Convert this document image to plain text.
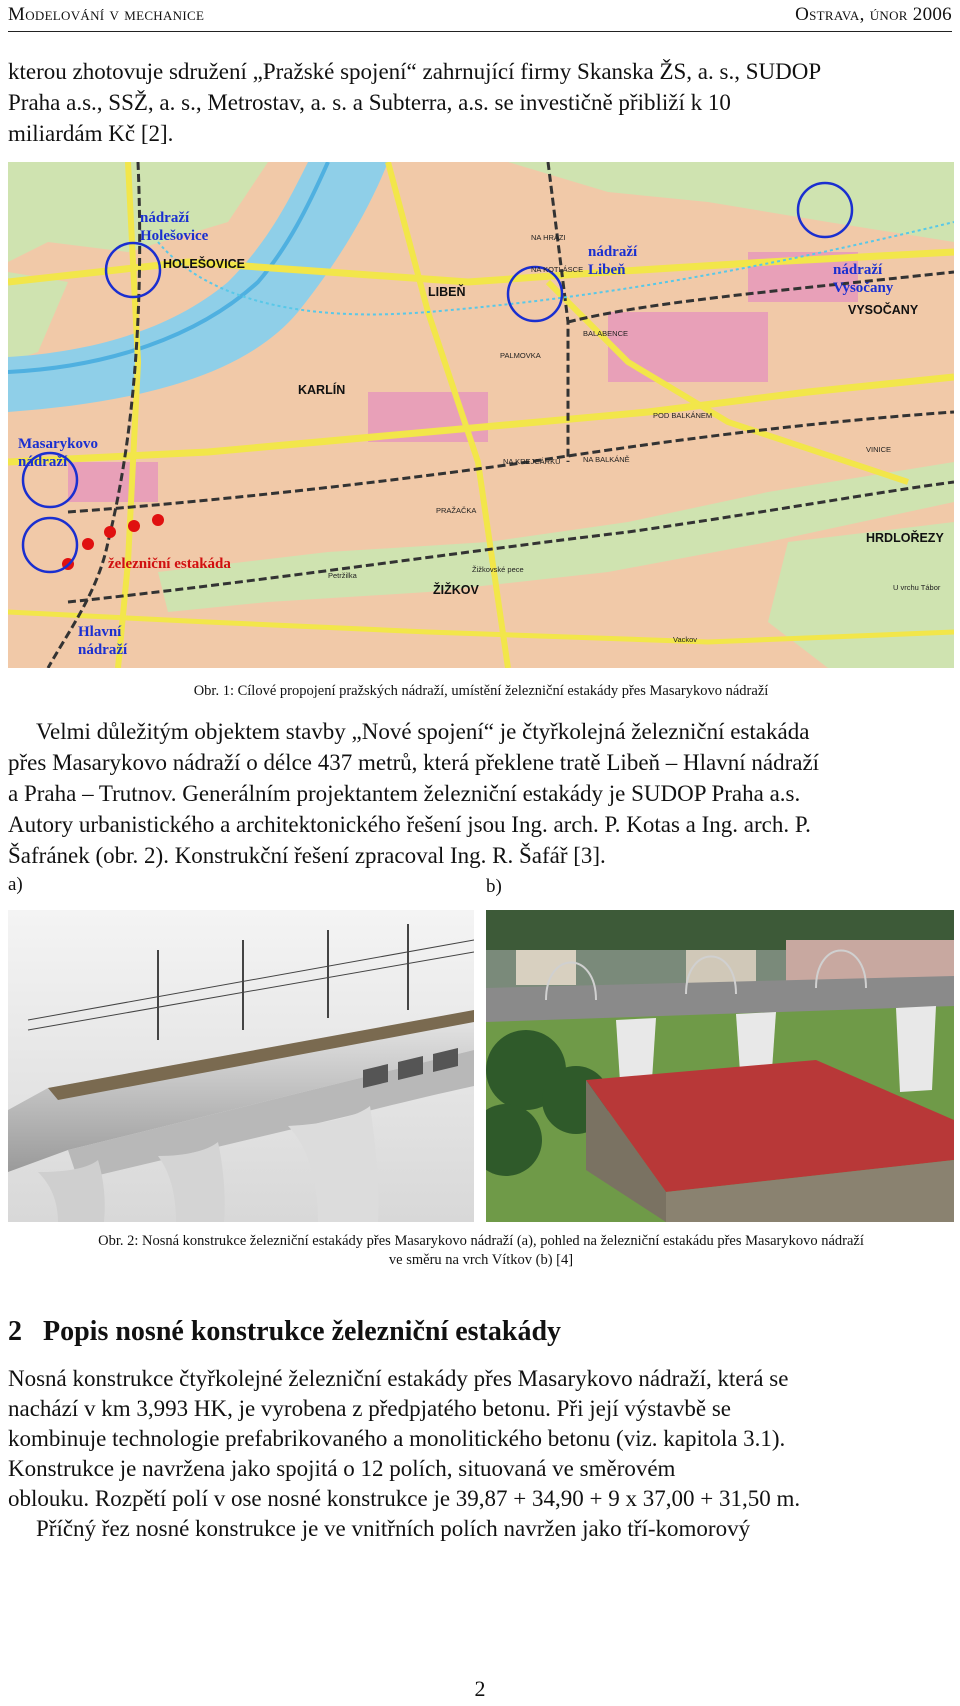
Modelování v mechanice	Ostrava, únor 2006
kterou zhotovuje sdružení „Pražské spojení“ zahrnující firmy Skanska ŽS, a. s., SUDOP
Praha a.s., SSŽ, a. s., Metrostav, a. s. a Subterra, a.s. se investičně přibliží k 10
miliardám Kč [2].
nádraží
Holešovice
nádraží
Libeň	nádraží
Vysočany
Masarykovo
nádraží
Hlavní
nádraží
železniční estakáda
HOLEŠOVICE
LIBEŇ
VYSOČANY
KARLÍN
ŽIŽKOV
HRDLOŘEZY
PALMOVKA
PRAŽAČKA
NA HRÁZI
NA KOTLÁSCE
BALABENCE
POD BALKÁNEM
NA KREJCÁRKU	NA BALKÁNĚ
VINICE
Žižkovské pece
Petržilka
U vrchu Tábor
Vackov
Obr. 1: Cílové propojení pražských nádraží, umístění železniční estakády přes Masarykovo nádraží
Velmi důležitým objektem stavby „Nové spojení“ je čtyřkolejná železniční estakáda
přes Masarykovo nádraží o délce 437 metrů, která překlene tratě Libeň – Hlavní nádraží
a Praha – Trutnov. Generálním projektantem železniční estakády je SUDOP Praha a.s.
Autory urbanistického a architektonického řešení jsou Ing. arch. P. Kotas a Ing. arch. P.
Šafránek (obr. 2). Konstrukční řešení zpracoval Ing. R. Šafář [3].
a)	b)
Obr. 2: Nosná konstrukce železniční estakády přes Masarykovo nádraží (a), pohled na železniční estakádu přes Masarykovo nádraží
ve směru na vrch Vítkov (b) [4]
2 Popis nosné konstrukce železniční estakády
Nosná konstrukce čtyřkolejné železniční estakády přes Masarykovo nádraží, která se
nachází v km 3,993 HK, je vyrobena z předpjatého betonu. Při její výstavbě se
kombinuje technologie prefabrikovaného a monolitického betonu (viz. kapitola 3.1).
Konstrukce je navržena jako spojitá o 12 polích, situovaná ve směrovém
oblouku. Rozpětí polí v ose nosné konstrukce je 39,87 + 34,90 + 9 x 37,00 + 31,50 m.
Příčný řez nosné konstrukce je ve vnitřních polích navržen jako tří-komorový
2
